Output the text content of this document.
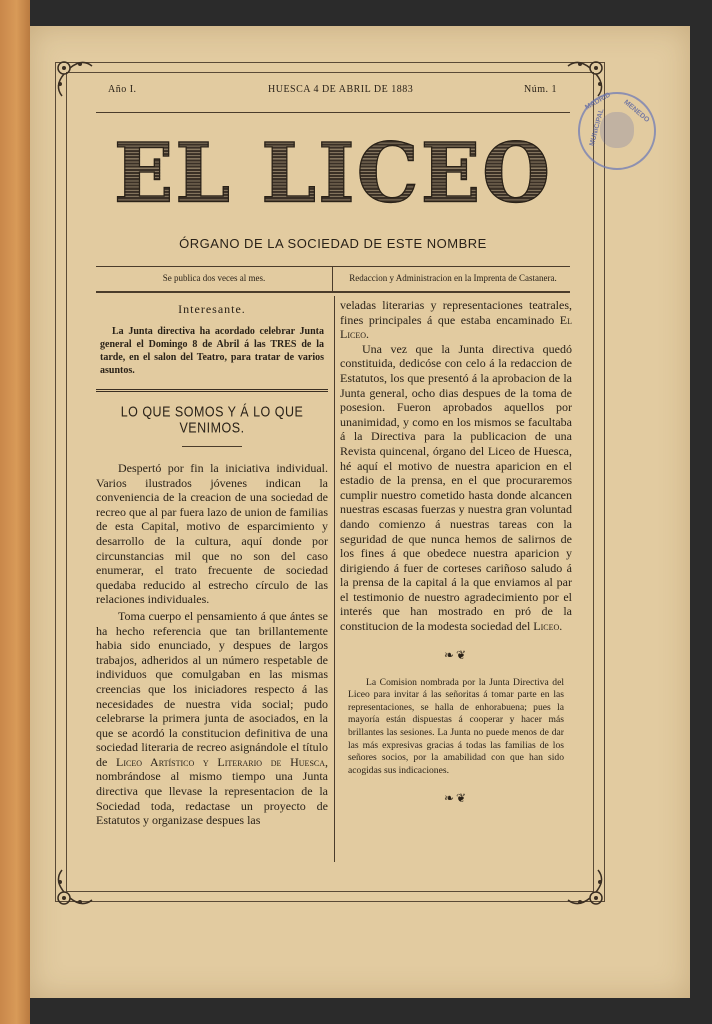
Año I.	HUESCA 4 DE ABRIL DE 1883	Núm. 1
MADRID MENEDO
MUNICIPAL
EL LICEO
ÓRGANO DE LA SOCIEDAD DE ESTE NOMBRE
Se publica dos veces al mes.	Redaccion y Administracion en la Imprenta de Castanera.
Interesante.

La Junta directiva ha acordado celebrar Junta general el Domingo 8 de Abril á las TRES de la tarde, en el salon del Teatro, para tratar de varios asuntos.

LO QUE SOMOS Y Á LO QUE VENIMOS.

Despertó por fin la iniciativa individual. Varios ilustrados jóvenes indican la conveniencia de la creacion de una sociedad de recreo que al par fuera lazo de union de familias de esta Capital, motivo de esparcimiento y desarrollo de la cultura, aquí donde por circunstancias mil que no son del caso enumerar, el trato frecuente de sociedad quedaba reducido al estrecho círculo de las relaciones individuales.

Toma cuerpo el pensamiento á que ántes se ha hecho referencia que tan brillantemente habia sido enunciado, y despues de largos trabajos, adheridos al un número respetable de individuos que comulgaban en las mismas creencias que los iniciadores respecto á las necesidades de nuestra vida social; pudo celebrarse la primera junta de asociados, en la que se acordó la constitucion definitiva de una sociedad literaria de recreo asignándole el título de Liceo Artístico y Literario de Huesca, nombrándose al mismo tiempo una Junta directiva que llevase la representacion de la Sociedad toda, redactase un proyecto de Estatutos y organizase despues las

veladas literarias y representaciones teatrales, fines principales á que estaba encaminado El Liceo.

Una vez que la Junta directiva quedó constituida, dedicóse con celo á la redaccion de Estatutos, los que presentó á la aprobacion de la Junta general, ocho dias despues de la toma de posesion. Fueron aprobados aquellos por unanimidad, y como en los mismos se facultaba á la Directiva para la publicacion de una Revista quincenal, órgano del Liceo de Huesca, hé aquí el motivo de nuestra aparicion en el estadio de la prensa, en el que procuraremos cumplir nuestro cometido hasta donde alcancen nuestras escasas fuerzas y nuestra gran voluntad dando comienzo á nuestras tareas con la seguridad de que nunca hemos de salirnos de los fines á que obedece nuestra aparicion y dirigiendo á fuer de corteses cariñoso saludo á la prensa de la capital á la que enviamos al par el testimonio de nuestro agradecimiento por el interés que han mostrado en pró de la constitucion de la modesta sociedad del Liceo.

❧❦

La Comision nombrada por la Junta Directiva del Liceo para invitar á las señoritas á tomar parte en las representaciones, se halla de enhorabuena; pues la mayoría están dispuestas á cooperar y hacer más brillantes las sesiones. La Junta no puede menos de dar las más expresivas gracias á todas las familias de los señores socios, por la amabilidad con que han sido acogidas sus indicaciones.

❧❦
